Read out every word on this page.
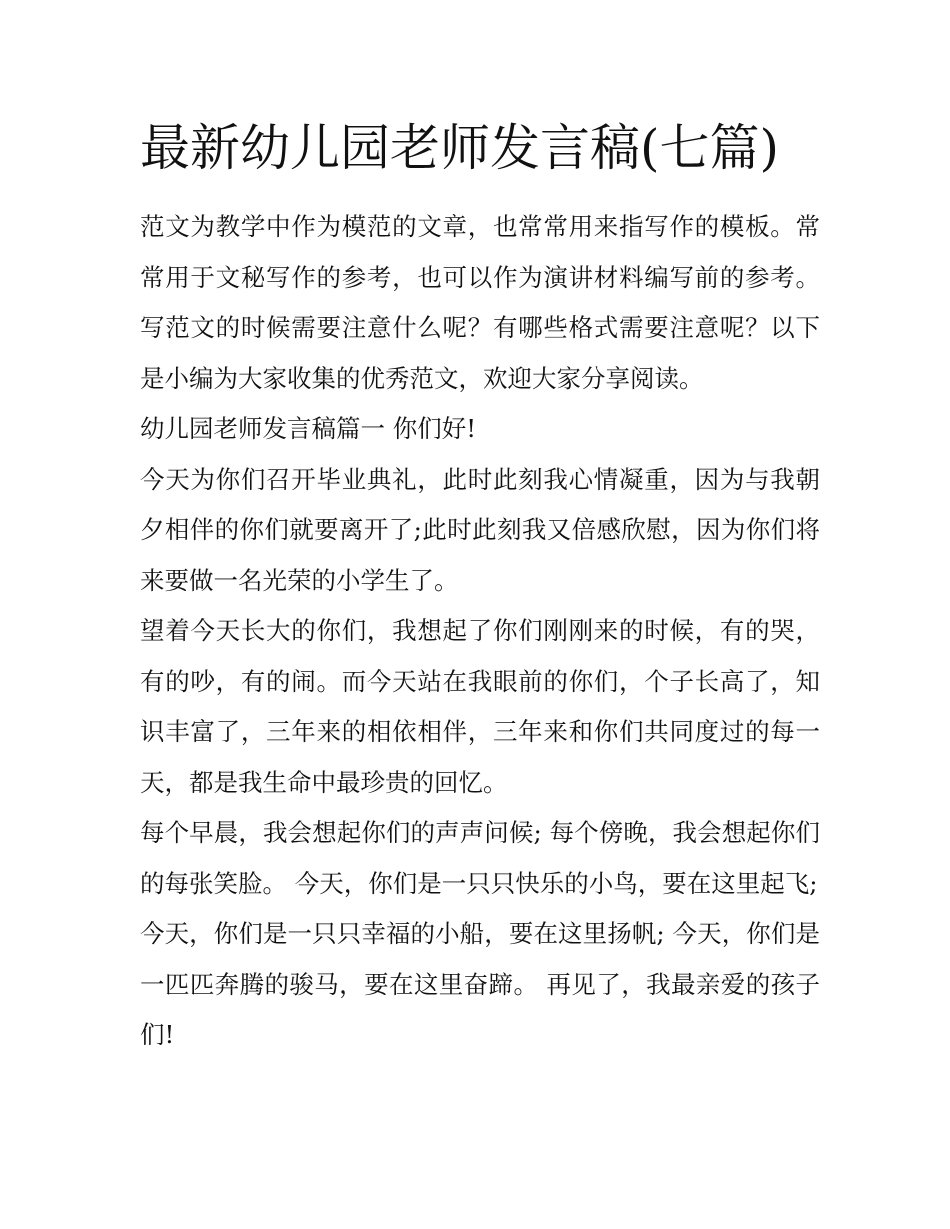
最新幼儿园老师发言稿(七篇)

范文为教学中作为模范的文章，也常常用来指写作的模板。常常用于文秘写作的参考，也可以作为演讲材料编写前的参考。写范文的时候需要注意什么呢？有哪些格式需要注意呢？以下是小编为大家收集的优秀范文，欢迎大家分享阅读。

幼儿园老师发言稿篇一 你们好!

今天为你们召开毕业典礼，此时此刻我心情凝重，因为与我朝夕相伴的你们就要离开了;此时此刻我又倍感欣慰，因为你们将来要做一名光荣的小学生了。

望着今天长大的你们，我想起了你们刚刚来的时候，有的哭，有的吵，有的闹。而今天站在我眼前的你们，个子长高了，知识丰富了，三年来的相依相伴，三年来和你们共同度过的每一天，都是我生命中最珍贵的回忆。

每个早晨，我会想起你们的声声问候; 每个傍晚，我会想起你们的每张笑脸。 今天，你们是一只只快乐的小鸟，要在这里起飞;

今天，你们是一只只幸福的小船，要在这里扬帆; 今天，你们是一匹匹奔腾的骏马，要在这里奋蹄。 再见了，我最亲爱的孩子们!
